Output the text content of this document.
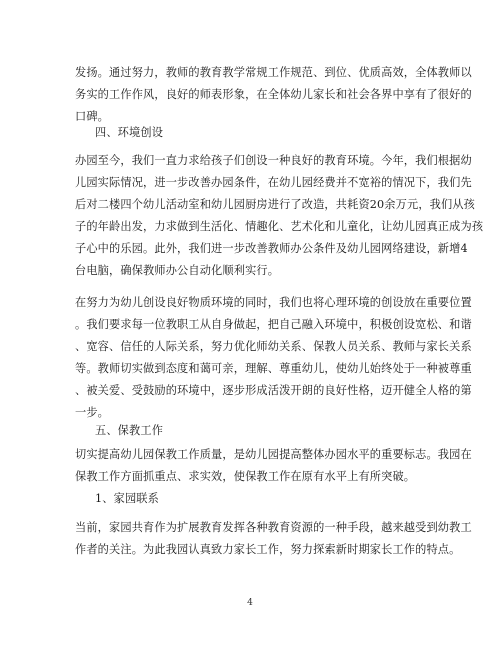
发扬。通过努力，教师的教育教学常规工作规范、到位、优质高效，全体教师以
务实的工作作风，良好的师表形象，在全体幼儿家长和社会各界中享有了很好的
口碑。
四、环境创设
办园至今，我们一直力求给孩子们创设一种良好的教育环境。今年，我们根据幼
儿园实际情况，进一步改善办园条件，在幼儿园经费并不宽裕的情况下，我们先
后对二楼四个幼儿活动室和幼儿园厨房进行了改造，共耗资20余万元，我们从孩
子的年龄出发，力求做到生活化、情趣化、艺术化和儿童化，让幼儿园真正成为孩
子心中的乐园。此外，我们进一步改善教师办公条件及幼儿园网络建设，新增4
台电脑，确保教师办公自动化顺利实行。
在努力为幼儿创设良好物质环境的同时，我们也将心理环境的创设放在重要位置
。我们要求每一位教职工从自身做起，把自己融入环境中，积极创设宽松、和谐
、宽容、信任的人际关系，努力优化师幼关系、保教人员关系、教师与家长关系
等。教师切实做到态度和蔼可亲，理解、尊重幼儿，使幼儿始终处于一种被尊重
、被关爱、受鼓励的环境中，逐步形成活泼开朗的良好性格，迈开健全人格的第
一步。
五、保教工作
切实提高幼儿园保教工作质量，是幼儿园提高整体办园水平的重要标志。我园在
保教工作方面抓重点、求实效，使保教工作在原有水平上有所突破。
1、家园联系
当前，家园共育作为扩展教育发挥各种教育资源的一种手段，越来越受到幼教工
作者的关注。为此我园认真致力家长工作，努力探索新时期家长工作的特点。
4
